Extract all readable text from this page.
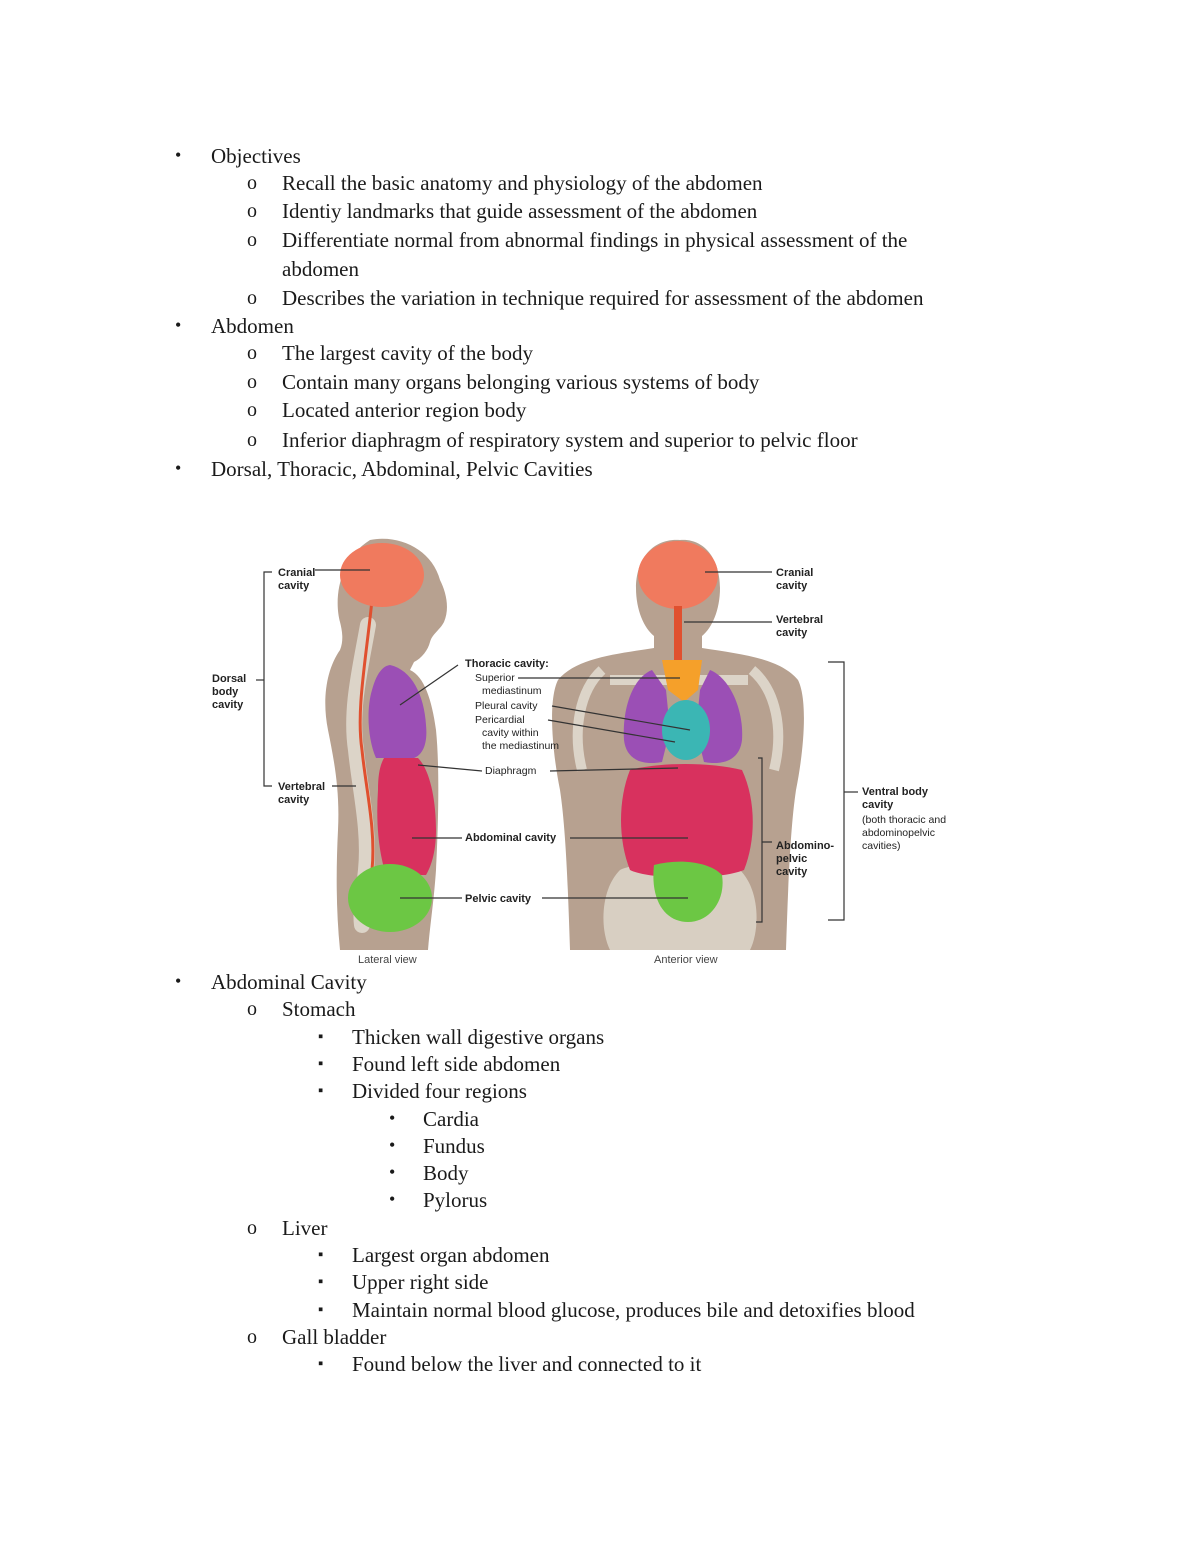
• Objectives
o Recall the basic anatomy and physiology of the abdomen
o Identiy landmarks that guide assessment of the abdomen
o Differentiate normal from abnormal findings in physical assessment of the
abdomen
o Describes the variation in technique required for assessment of the abdomen
• Abdomen
o The largest cavity of the body
o Contain many organs belonging various systems of body
o Located anterior region body
o Inferior diaphragm of respiratory system and superior to pelvic floor
• Dorsal, Thoracic, Abdominal, Pelvic Cavities
• Abdominal Cavity
o Stomach
▪ Thicken wall digestive organs
▪ Found left side abdomen
▪ Divided four regions
• Cardia
• Fundus
• Body
• Pylorus
o Liver
▪ Largest organ abdomen
▪ Upper right side
▪ Maintain normal blood glucose, produces bile and detoxifies blood
o Gall bladder
▪ Found below the liver and connected to it
Cranial cavity
Dorsal body cavity
Vertebral cavity
Thoracic cavity:
Superior mediastinum
Pleural cavity
Pericardial cavity within the mediastinum
Diaphragm
Abdominal cavity
Pelvic cavity
Lateral view
Cranial cavity
Vertebral cavity
Ventral body cavity
(both thoracic and abdominopelvic cavities)
Abdomino-pelvic cavity
Anterior view
